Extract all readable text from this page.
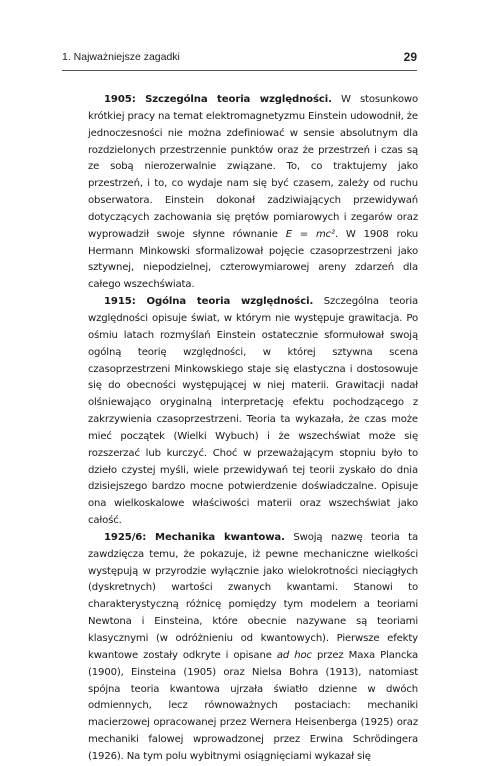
1. Najważniejsze zagadki	29

1905: Szczególna teoria względności. W stosunkowo krótkiej pracy na temat elektromagnetyzmu Einstein udowodnił, że jednoczesności nie można zdefiniować w sensie absolutnym dla rozdzielonych przestrzennie punktów oraz że przestrzeń i czas są ze sobą nierozerwalnie związane. To, co traktujemy jako przestrzeń, i to, co wydaje nam się być czasem, zależy od ruchu obserwatora. Einstein dokonał zadziwiających przewidywań dotyczących zachowania się prętów pomiarowych i zegarów oraz wyprowadził swoje słynne równanie E = mc². W 1908 roku Hermann Minkowski sformalizował pojęcie czasoprzestrzeni jako sztywnej, niepodzielnej, czterowymiarowej areny zdarzeń dla całego wszechświata.

1915: Ogólna teoria względności. Szczególna teoria względności opisuje świat, w którym nie występuje grawitacja. Po ośmiu latach rozmyślań Einstein ostatecznie sformułował swoją ogólną teorię względności, w której sztywna scena czasoprzestrzeni Minkowskiego staje się elastyczna i dostosowuje się do obecności występującej w niej materii. Grawitacji nadał olśniewająco oryginalną interpretację efektu pochodzącego z zakrzywienia czasoprzestrzeni. Teoria ta wykazała, że czas może mieć początek (Wielki Wybuch) i że wszechświat może się rozszerzać lub kurczyć. Choć w przeważającym stopniu było to dzieło czystej myśli, wiele przewidywań tej teorii zyskało do dnia dzisiejszego bardzo mocne potwierdzenie doświadczalne. Opisuje ona wielkoskalowe właściwości materii oraz wszechświat jako całość.

1925/6: Mechanika kwantowa. Swoją nazwę teoria ta zawdzięcza temu, że pokazuje, iż pewne mechaniczne wielkości występują w przyrodzie wyłącznie jako wielokrotności nieciągłych (dyskretnych) wartości zwanych kwantami. Stanowi to charakterystyczną różnicę pomiędzy tym modelem a teoriami Newtona i Einsteina, które obecnie nazywane są teoriami klasycznymi (w odróżnieniu od kwantowych). Pierwsze efekty kwantowe zostały odkryte i opisane ad hoc przez Maxa Plancka (1900), Einsteina (1905) oraz Nielsa Bohra (1913), natomiast spójna teoria kwantowa ujrzała światło dzienne w dwóch odmiennych, lecz równoważnych postaciach: mechaniki macierzowej opracowanej przez Wernera Heisenberga (1925) oraz mechaniki falowej wprowadzonej przez Erwina Schrödingera (1926). Na tym polu wybitnymi osiągnięciami wykazał się
